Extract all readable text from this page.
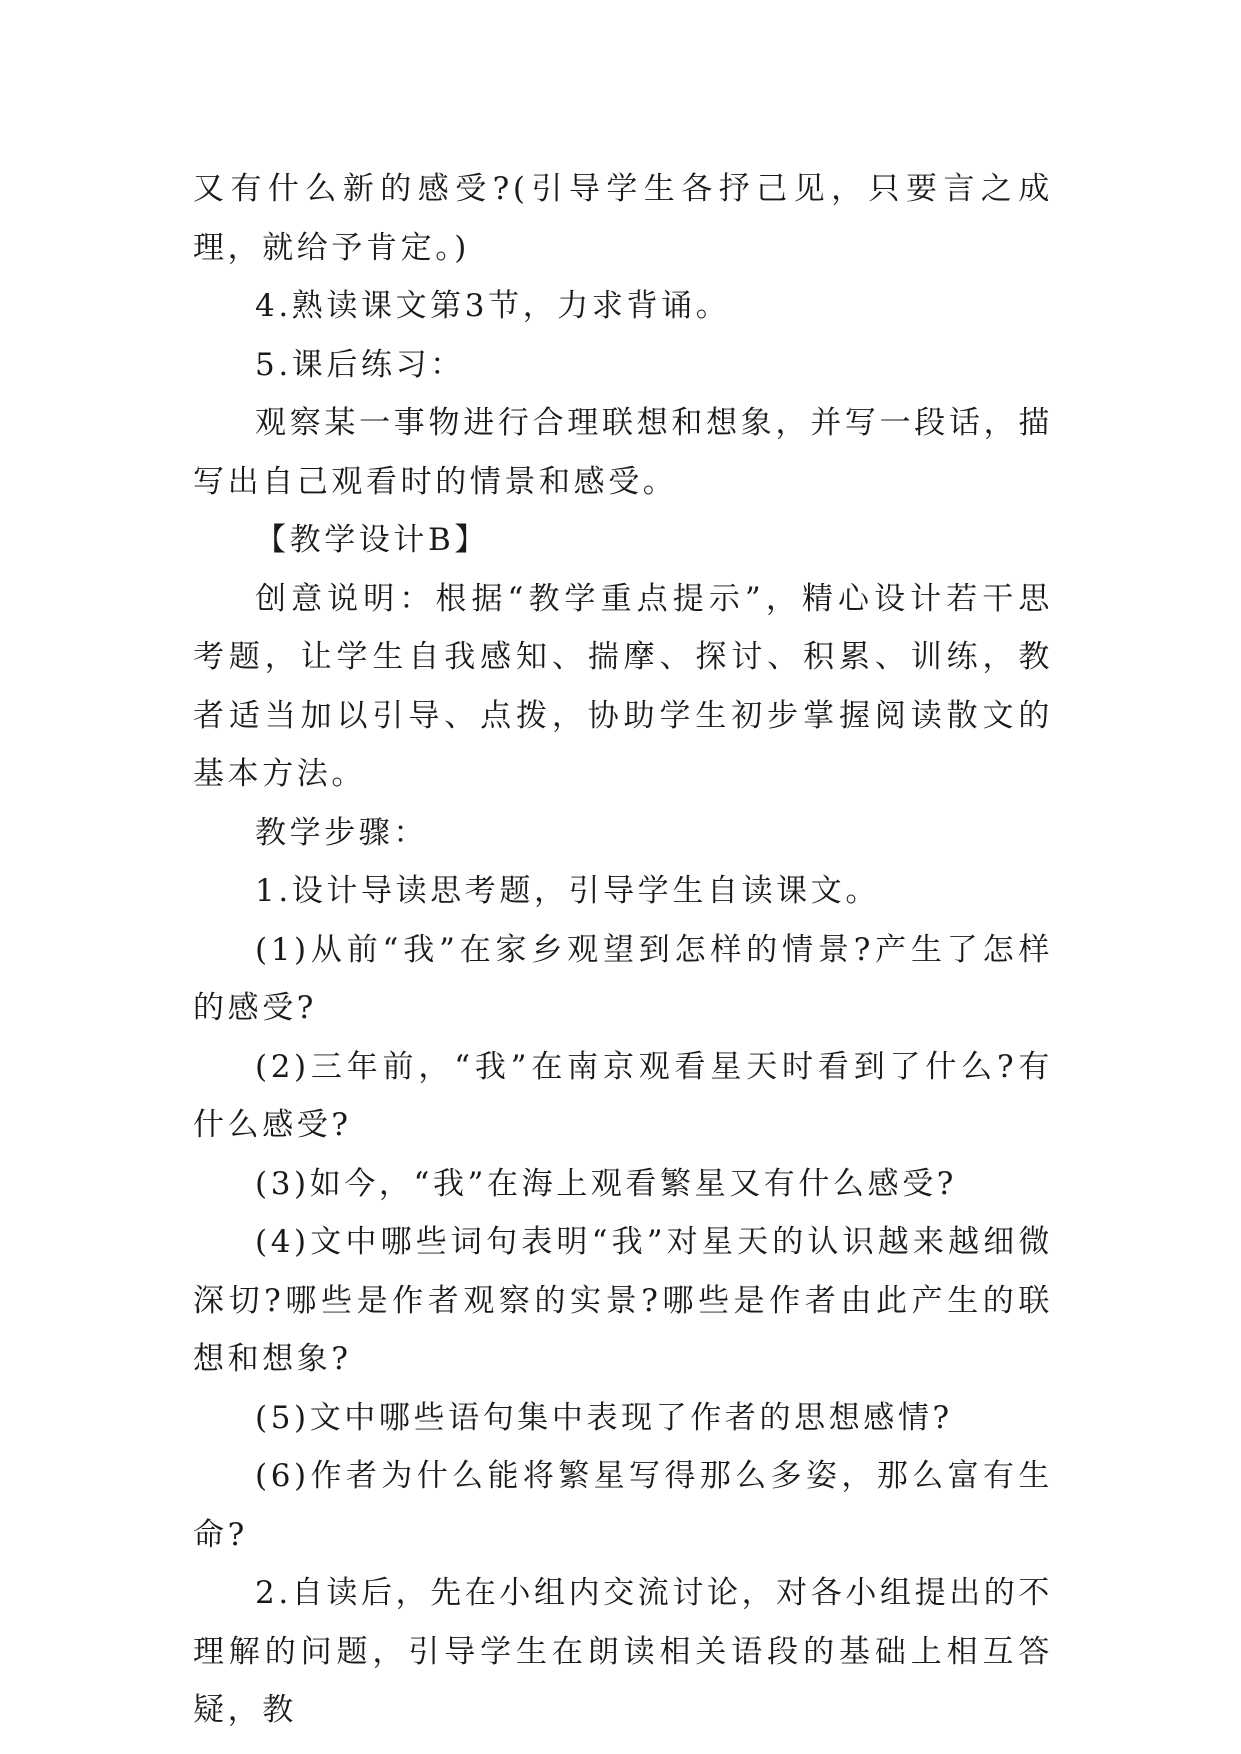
又有什么新的感受?(引导学生各抒己见，只要言之成理，就给予肯定。)

4.熟读课文第3节，力求背诵。

5.课后练习：

观察某一事物进行合理联想和想象，并写一段话，描写出自己观看时的情景和感受。

【教学设计B】

创意说明：根据“教学重点提示”，精心设计若干思考题，让学生自我感知、揣摩、探讨、积累、训练，教者适当加以引导、点拨，协助学生初步掌握阅读散文的基本方法。

教学步骤：

1.设计导读思考题，引导学生自读课文。

(1)从前“我”在家乡观望到怎样的情景?产生了怎样的感受?

(2)三年前，“我”在南京观看星天时看到了什么?有什么感受?

(3)如今，“我”在海上观看繁星又有什么感受?

(4)文中哪些词句表明“我”对星天的认识越来越细微深切?哪些是作者观察的实景?哪些是作者由此产生的联想和想象?

(5)文中哪些语句集中表现了作者的思想感情?

(6)作者为什么能将繁星写得那么多姿，那么富有生命?

2.自读后，先在小组内交流讨论，对各小组提出的不理解的问题，引导学生在朗读相关语段的基础上相互答疑，教
